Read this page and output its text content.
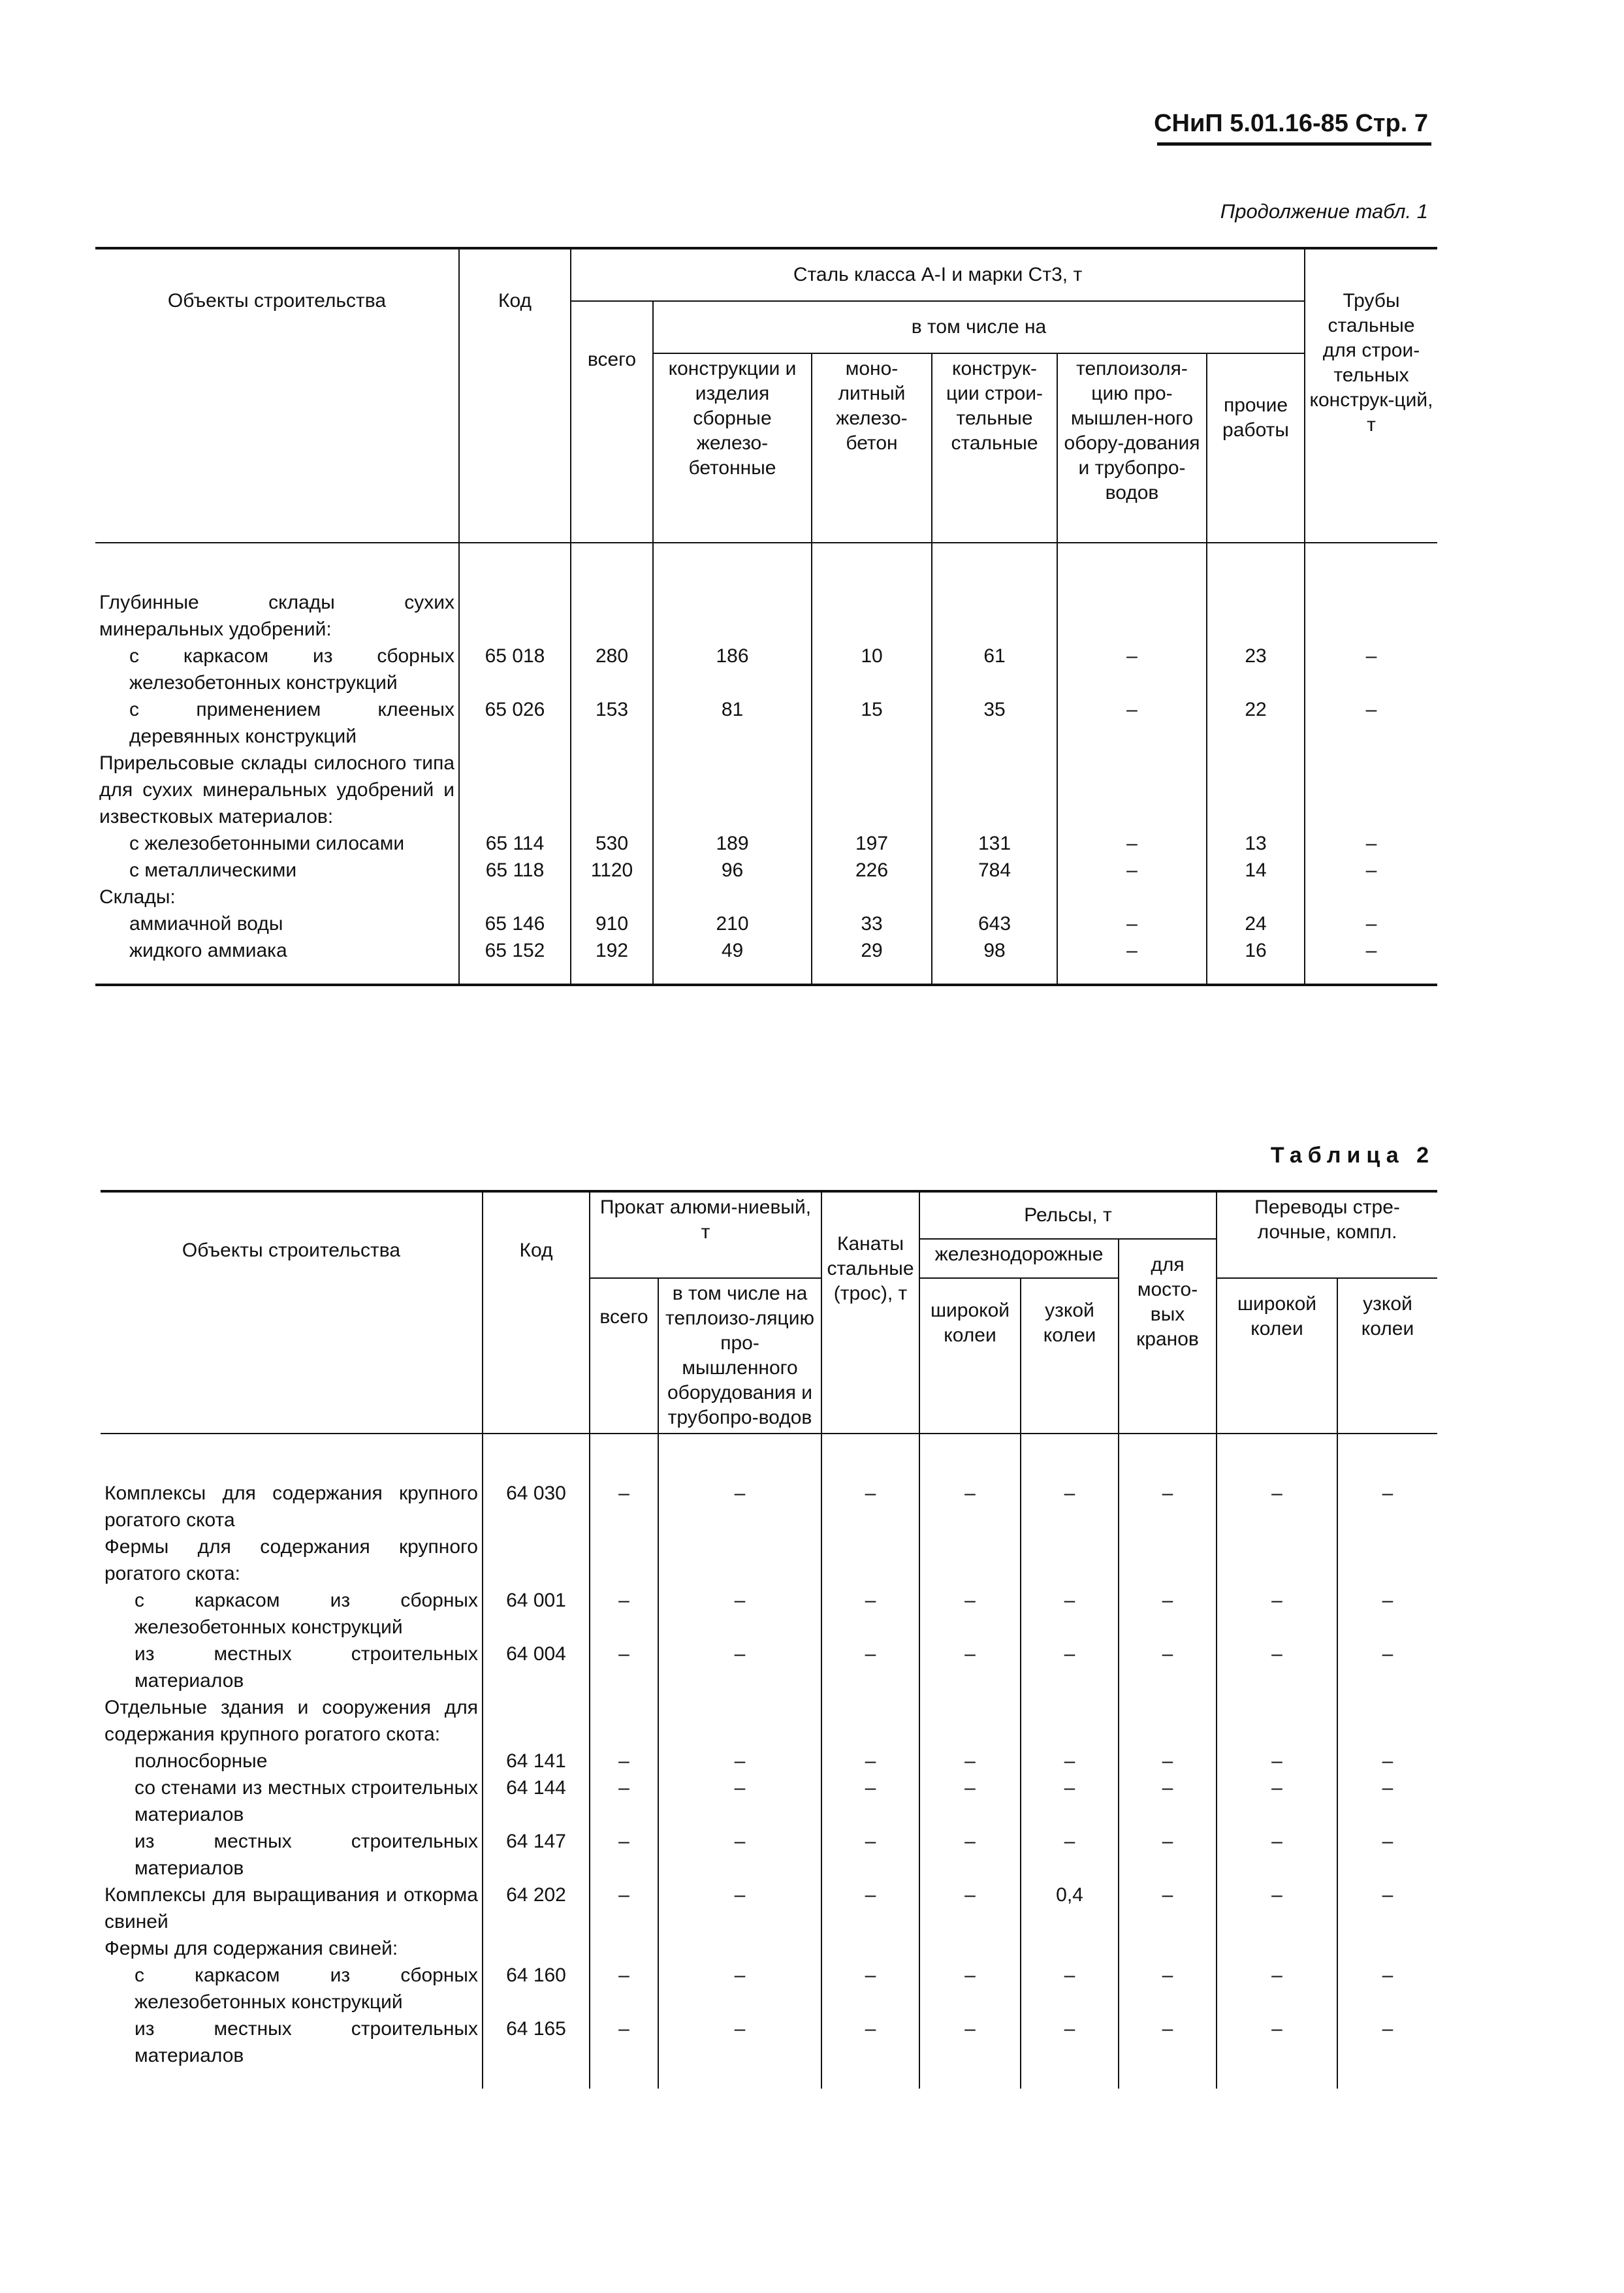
СНиП 5.01.16-85 Стр. 7
Продолжение табл. 1
Объекты строительства	Код	Сталь класса A-I и марки Ст3, т						Трубы стальные для строи-тельных конструк-ций, т
		всего	в том числе на					
			конструкции и изделия сборные железо-бетонные	моно-литный железо-бетон	конструк-ции строи-тельные стальные	теплоизоля-цию про-мышлен-ного обору-дования и трубопро-водов	прочие работы	

Глубинные склады сухих минеральных удобрений:								
с каркасом из сборных железобетонных конструкций	65 018	280	186	10	61	–	23	–
с применением клееных деревянных конструкций	65 026	153	81	15	35	–	22	–
Прирельсовые склады силосного типа для сухих минеральных удобрений и известковых материалов:								
с железобетонными силосами	65 114	530	189	197	131	–	13	–
с металлическими	65 118	1120	96	226	784	–	14	–
Склады:								
аммиачной воды	65 146	910	210	33	643	–	24	–
жидкого аммиака	65 152	192	49	29	98	–	16	–

Таблица 2
Объекты строительства	Код	Прокат алюми-ниевый, т		Канаты стальные (трос), т	Рельсы, т			Переводы стре-лочные, компл.	
					железнодорожные		для мосто-вых кранов		
		всего	в том числе на теплоизо-ляцию про-мышленного оборудования и трубопро-водов		широкой колеи	узкой колеи		широкой колеи	узкой колеи

Комплексы для содержания крупного рогатого скота	64 030	–	–	–	–	–	–	–	–
Фермы для содержания крупного рогатого скота:									
с каркасом из сборных железобетонных конструкций	64 001	–	–	–	–	–	–	–	–
из местных строительных материалов	64 004	–	–	–	–	–	–	–	–
Отдельные здания и сооружения для содержания крупного рогатого скота:									
полносборные	64 141	–	–	–	–	–	–	–	–
со стенами из местных строительных материалов	64 144	–	–	–	–	–	–	–	–
из местных строительных материалов	64 147	–	–	–	–	–	–	–	–
Комплексы для выращивания и откорма свиней	64 202	–	–	–	–	0,4	–	–	–
Фермы для содержания свиней:									
с каркасом из сборных железобетонных конструкций	64 160	–	–	–	–	–	–	–	–
из местных строительных материалов	64 165	–	–	–	–	–	–	–	–
